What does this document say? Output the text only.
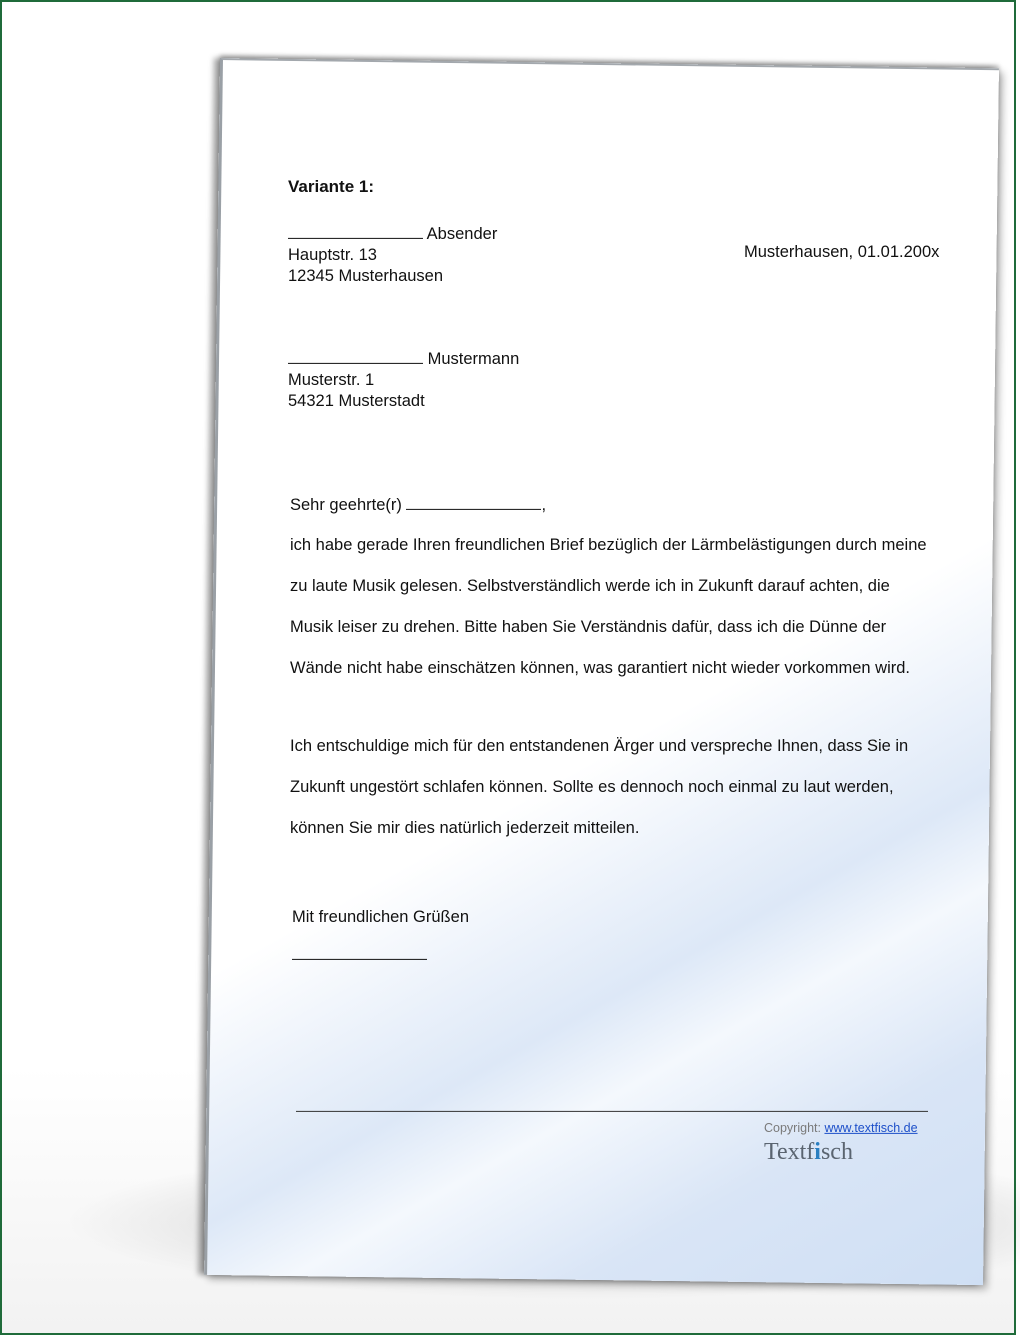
Variante 1:
Absender
Hauptstr. 13
12345 Musterhausen
Musterhausen, 01.01.200x
Mustermann
Musterstr. 1
54321 Musterstadt
Sehr geehrte(r)	,
ich habe gerade Ihren freundlichen Brief bezüglich der Lärmbelästigungen durch meine zu laute Musik gelesen. Selbstverständlich werde ich in Zukunft darauf achten, die Musik leiser zu drehen. Bitte haben Sie Verständnis dafür, dass ich die Dünne der Wände nicht habe einschätzen können, was garantiert nicht wieder vorkommen wird.
Ich entschuldige mich für den entstandenen Ärger und verspreche Ihnen, dass Sie in Zukunft ungestört schlafen können. Sollte es dennoch noch einmal zu laut werden, können Sie mir dies natürlich jederzeit mitteilen.
Mit freundlichen Grüßen
Copyright: www.textfisch.de
Textfisch
